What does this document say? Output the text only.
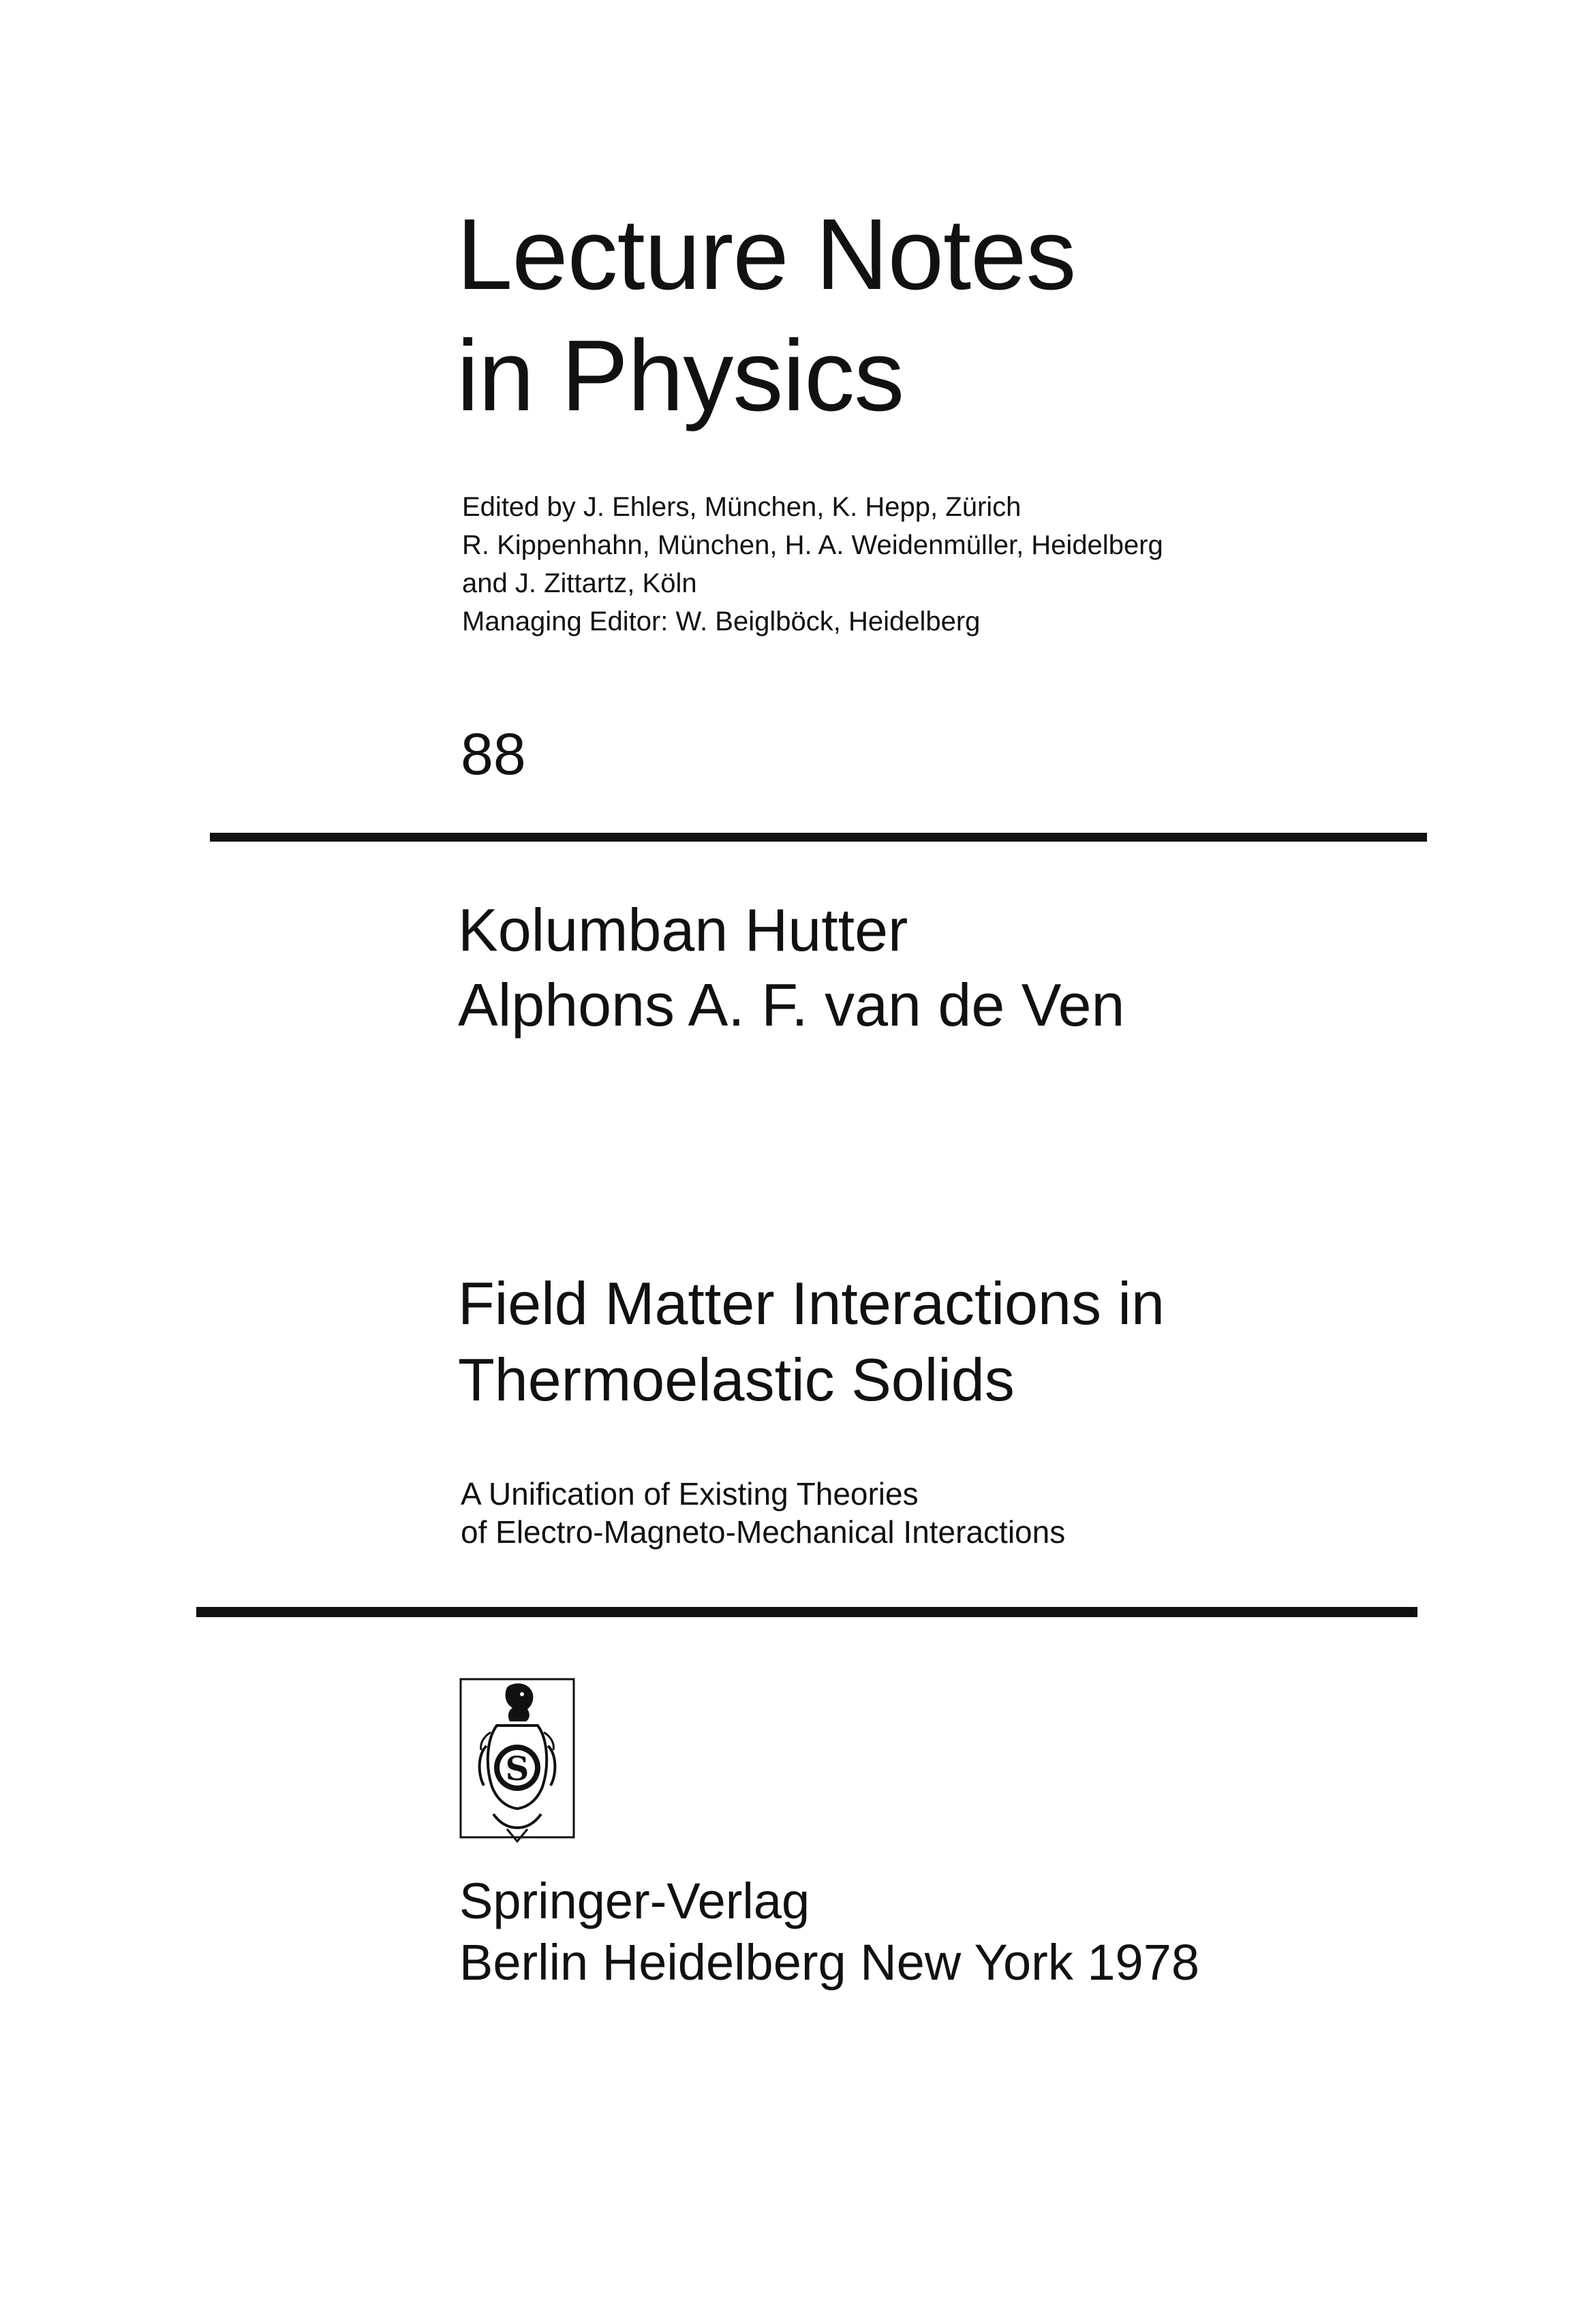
Lecture Notes
in Physics
Edited by J. Ehlers, München, K. Hepp, Zürich
R. Kippenhahn, München, H. A. Weidenmüller, Heidelberg
and J. Zittartz, Köln
Managing Editor: W. Beiglböck, Heidelberg
88
Kolumban Hutter
Alphons A. F. van de Ven
Field Matter Interactions in
Thermoelastic Solids
A Unification of Existing Theories
of Electro-Magneto-Mechanical Interactions
S
Springer-Verlag
Berlin Heidelberg New York 1978
